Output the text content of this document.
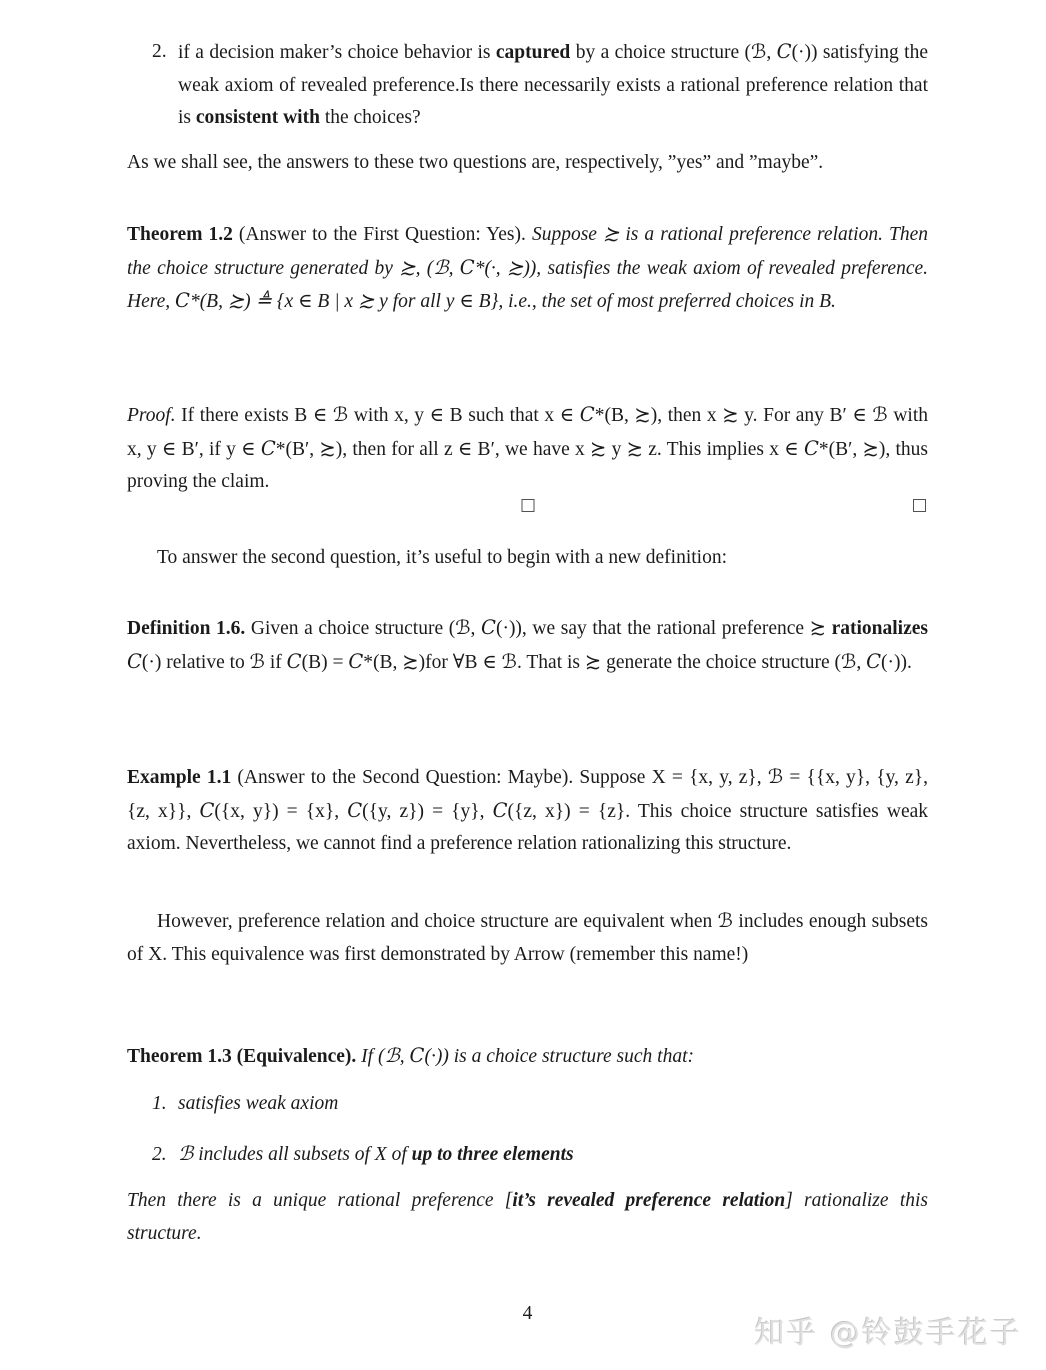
2. if a decision maker’s choice behavior is captured by a choice structure (ℬ, C(·)) satisfying the weak axiom of revealed preference.Is there necessarily exists a rational preference relation that is consistent with the choices?
As we shall see, the answers to these two questions are, respectively, ”yes” and ”maybe”.
Theorem 1.2 (Answer to the First Question: Yes). Suppose ≿ is a rational preference relation. Then the choice structure generated by ≿, (ℬ, C*(·, ≿)), satisfies the weak axiom of revealed preference. Here, C*(B, ≿) ≜ {x ∈ B | x ≿ y for all y ∈ B}, i.e., the set of most preferred choices in B.
Proof. If there exists B ∈ ℬ with x, y ∈ B such that x ∈ C*(B, ≿), then x ≿ y. For any B′ ∈ ℬ with x, y ∈ B′, if y ∈ C*(B′, ≿), then for all z ∈ B′, we have x ≿ y ≿ z. This implies x ∈ C*(B′, ≿), thus proving the claim.
To answer the second question, it’s useful to begin with a new definition:
Definition 1.6. Given a choice structure (ℬ, C(·)), we say that the rational preference ≿ rationalizes C(·) relative to ℬ if C(B) = C*(B, ≿)for ∀B ∈ ℬ. That is ≿ generate the choice structure (ℬ, C(·)).
Example 1.1 (Answer to the Second Question: Maybe). Suppose X = {x, y, z}, ℬ = {{x, y}, {y, z}, {z, x}}, C({x, y}) = {x}, C({y, z}) = {y}, C({z, x}) = {z}. This choice structure satisfies weak axiom. Nevertheless, we cannot find a preference relation rationalizing this structure.
However, preference relation and choice structure are equivalent when ℬ includes enough subsets of X. This equivalence was first demonstrated by Arrow (remember this name!)
Theorem 1.3 (Equivalence). If (ℬ, C(·)) is a choice structure such that:
1. satisfies weak axiom
2. ℬ includes all subsets of X of up to three elements
Then there is a unique rational preference [it’s revealed preference relation] rationalize this structure.
4
知乎 @铃鼓手花子
